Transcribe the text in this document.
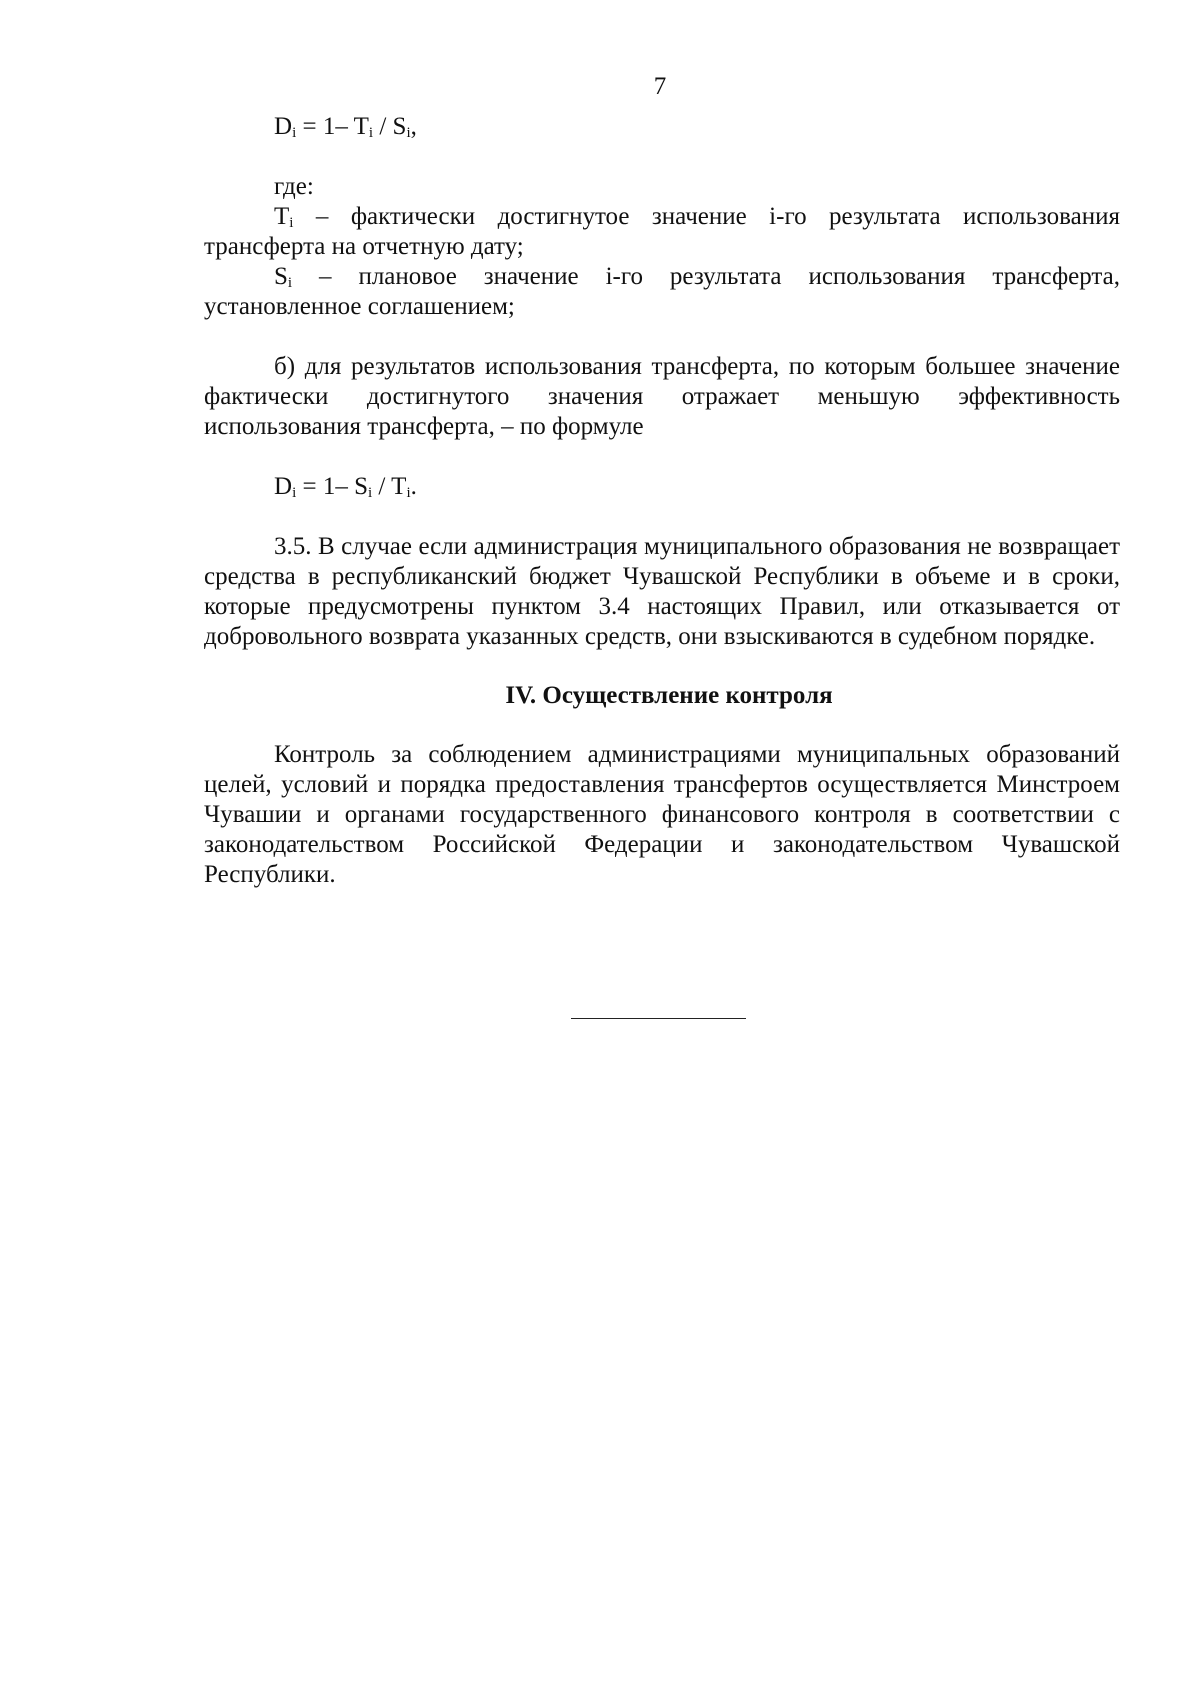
7
$D_i = 1-$ $T_i / S_i$,

где:

$T_i$ – фактически достигнутое значение i-го результата использования трансферта на отчетную дату;

$S_i$ – плановое значение i-го результата использования трансферта, установленное соглашением;

б) для результатов использования трансферта, по которым большее значение фактически достигнутого значения отражает меньшую эффективность использования трансферта, – по формуле

$D_i = 1-$ $S_i / T_i$.

3.5. В случае если администрация муниципального образования не возвращает средства в республиканский бюджет Чувашской Республики в объеме и в сроки, которые предусмотрены пунктом 3.4 настоящих Правил, или отказывается от добровольного возврата указанных средств, они взыскиваются в судебном порядке.

IV. Осуществление контроля

Контроль за соблюдением администрациями муниципальных образований целей, условий и порядка предоставления трансфертов осуществляется Минстроем Чувашии и органами государственного финансового контроля в соответствии с законодательством Российской Федерации и законодательством Чувашской Республики.
